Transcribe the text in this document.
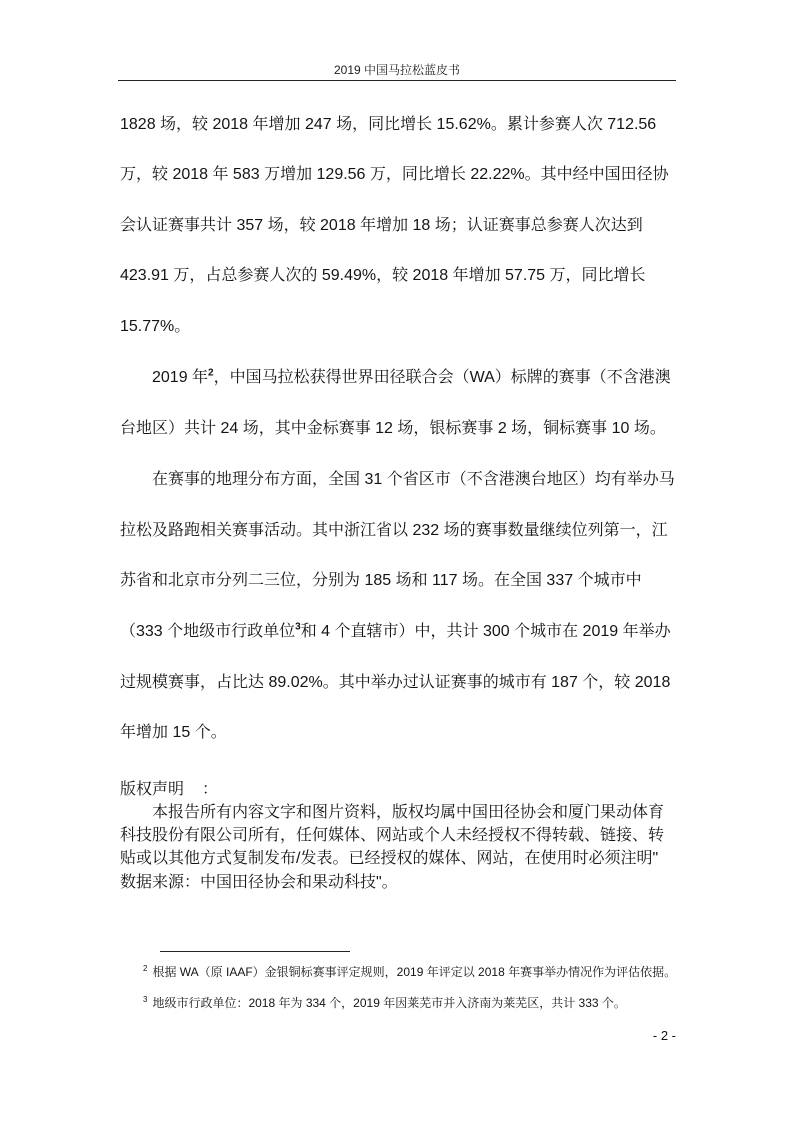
2019 中国马拉松蓝皮书
1828 场，较 2018 年增加 247 场，同比增长 15.62%。累计参赛人次 712.56
万，较 2018 年 583 万增加 129.56 万，同比增长 22.22%。其中经中国田径协
会认证赛事共计 357 场，较 2018 年增加 18 场；认证赛事总参赛人次达到
423.91 万，占总参赛人次的 59.49%，较 2018 年增加 57.75 万，同比增长
15.77%。
2019 年$^2$，中国马拉松获得世界田径联合会（WA）标牌的赛事（不含港澳
台地区）共计 24 场，其中金标赛事 12 场，银标赛事 2 场，铜标赛事 10 场。
在赛事的地理分布方面，全国 31 个省区市（不含港澳台地区）均有举办马
拉松及路跑相关赛事活动。其中浙江省以 232 场的赛事数量继续位列第一，江
苏省和北京市分列二三位，分别为 185 场和 117 场。在全国 337 个城市中
（333 个地级市行政单位$^3$和 4 个直辖市）中，共计 300 个城市在 2019 年举办
过规模赛事，占比达 89.02%。其中举办过认证赛事的城市有 187 个，较 2018
年增加 15 个。
版权声明 ：
本报告所有内容文字和图片资料，版权均属中国田径协会和厦门果动体育
科技股份有限公司所有，任何媒体、网站或个人未经授权不得转载、链接、转
贴或以其他方式复制发布/发表。已经授权的媒体、网站，在使用时必须注明"
数据来源：中国田径协会和果动科技"。
$^2$ 根据 WA（原 IAAF）金银铜标赛事评定规则，2019 年评定以 2018 年赛事举办情况作为评估依据。
$^3$ 地级市行政单位：2018 年为 334 个，2019 年因莱芜市并入济南为莱芜区，共计 333 个。
- 2 -
